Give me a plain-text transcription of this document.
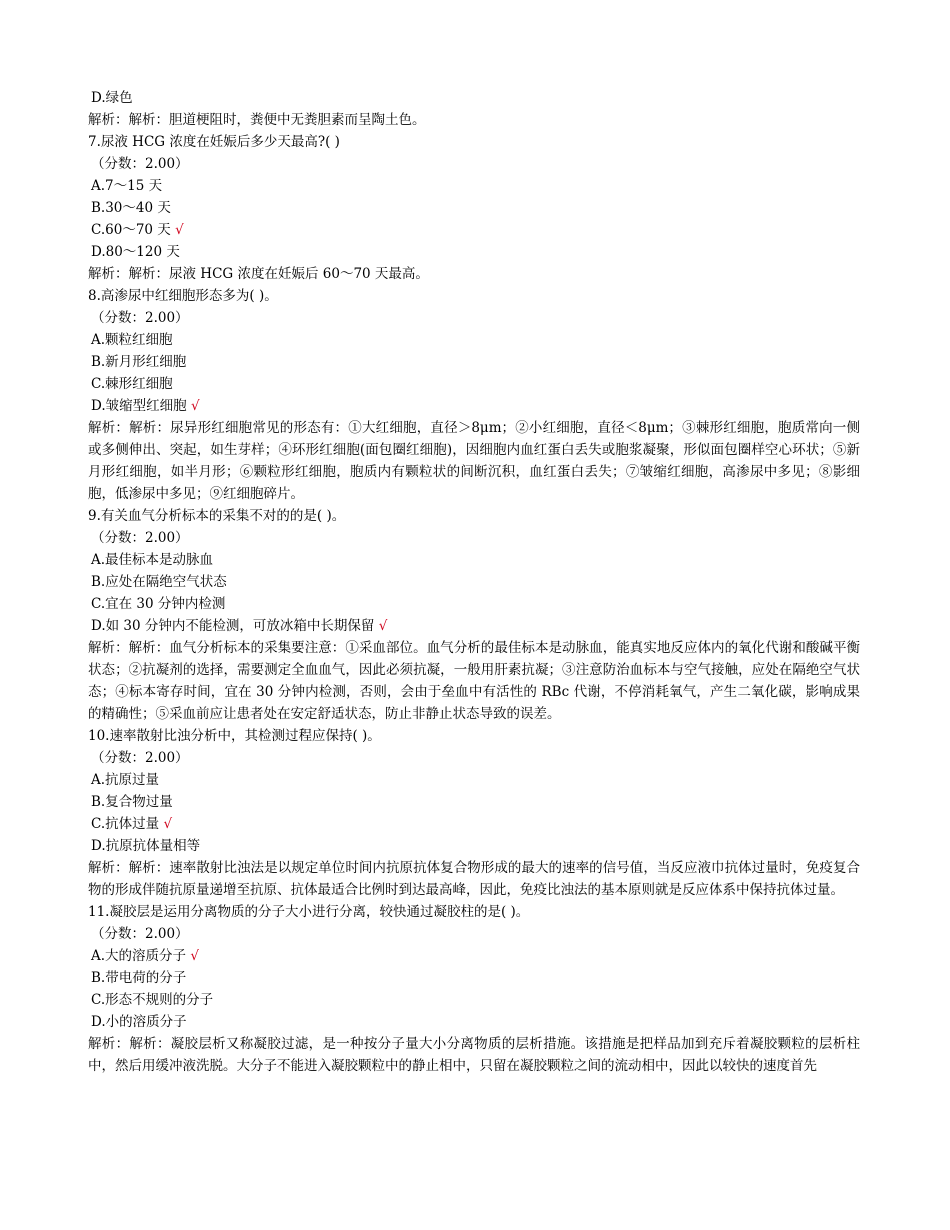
D.绿色
解析：解析：胆道梗阻时，粪便中无粪胆素而呈陶土色。
7.尿液 HCG 浓度在妊娠后多少天最高?( )
（分数：2.00）
A.7～15 天
B.30～40 天
C.60～70 天 √
D.80～120 天
解析：解析：尿液 HCG 浓度在妊娠后 60～70 天最高。
8.高渗尿中红细胞形态多为( )。
（分数：2.00）
A.颗粒红细胞
B.新月形红细胞
C.棘形红细胞
D.皱缩型红细胞 √
解析：解析：尿异形红细胞常见的形态有：①大红细胞，直径＞8μm；②小红细胞，直径＜8μm；③棘形红细胞，胞质常向一侧或多侧伸出、突起，如生芽样；④环形红细胞(面包圈红细胞)，因细胞内血红蛋白丢失或胞浆凝聚，形似面包圈样空心环状；⑤新月形红细胞，如半月形；⑥颗粒形红细胞，胞质内有颗粒状的间断沉积，血红蛋白丢失；⑦皱缩红细胞，高渗尿中多见；⑧影细胞，低渗尿中多见；⑨红细胞碎片。
9.有关血气分析标本的采集不对的的是( )。
（分数：2.00）
A.最佳标本是动脉血
B.应处在隔绝空气状态
C.宜在 30 分钟内检测
D.如 30 分钟内不能检测，可放冰箱中长期保留 √
解析：解析：血气分析标本的采集要注意：①采血部位。血气分析的最佳标本是动脉血，能真实地反应体内的氧化代谢和酸碱平衡状态；②抗凝剂的选择，需要测定全血血气，因此必须抗凝，一般用肝素抗凝；③注意防治血标本与空气接触，应处在隔绝空气状态；④标本寄存时间，宜在 30 分钟内检测，否则，会由于垒血中有活性的 RBc 代谢，不停消耗氧气，产生二氧化碳，影响成果的精确性；⑤采血前应让患者处在安定舒适状态，防止非静止状态导致的误差。
10.速率散射比浊分析中，其检测过程应保持( )。
（分数：2.00）
A.抗原过量
B.复合物过量
C.抗体过量 √
D.抗原抗体量相等
解析：解析：速率散射比浊法是以规定单位时间内抗原抗体复合物形成的最大的速率的信号值，当反应液巾抗体过量时，免疫复合物的形成伴随抗原量递增至抗原、抗体最适合比例时到达最高峰，因此，免疫比浊法的基本原则就是反应体系中保持抗体过量。
11.凝胶层是运用分离物质的分子大小进行分离，较快通过凝胶柱的是( )。
（分数：2.00）
A.大的溶质分子 √
B.带电荷的分子
C.形态不规则的分子
D.小的溶质分子
解析：解析：凝胶层析又称凝胶过滤，是一种按分子量大小分离物质的层析措施。该措施是把样品加到充斥着凝胶颗粒的层析柱中，然后用缓冲液洗脱。大分子不能进入凝胶颗粒中的静止相中，只留在凝胶颗粒之间的流动相中，因此以较快的速度首先
